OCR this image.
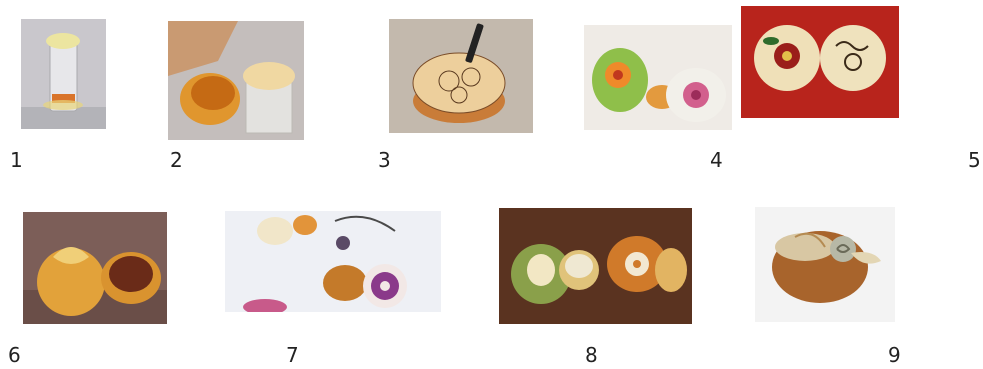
1	2	3	4	5
6	7	8	9
